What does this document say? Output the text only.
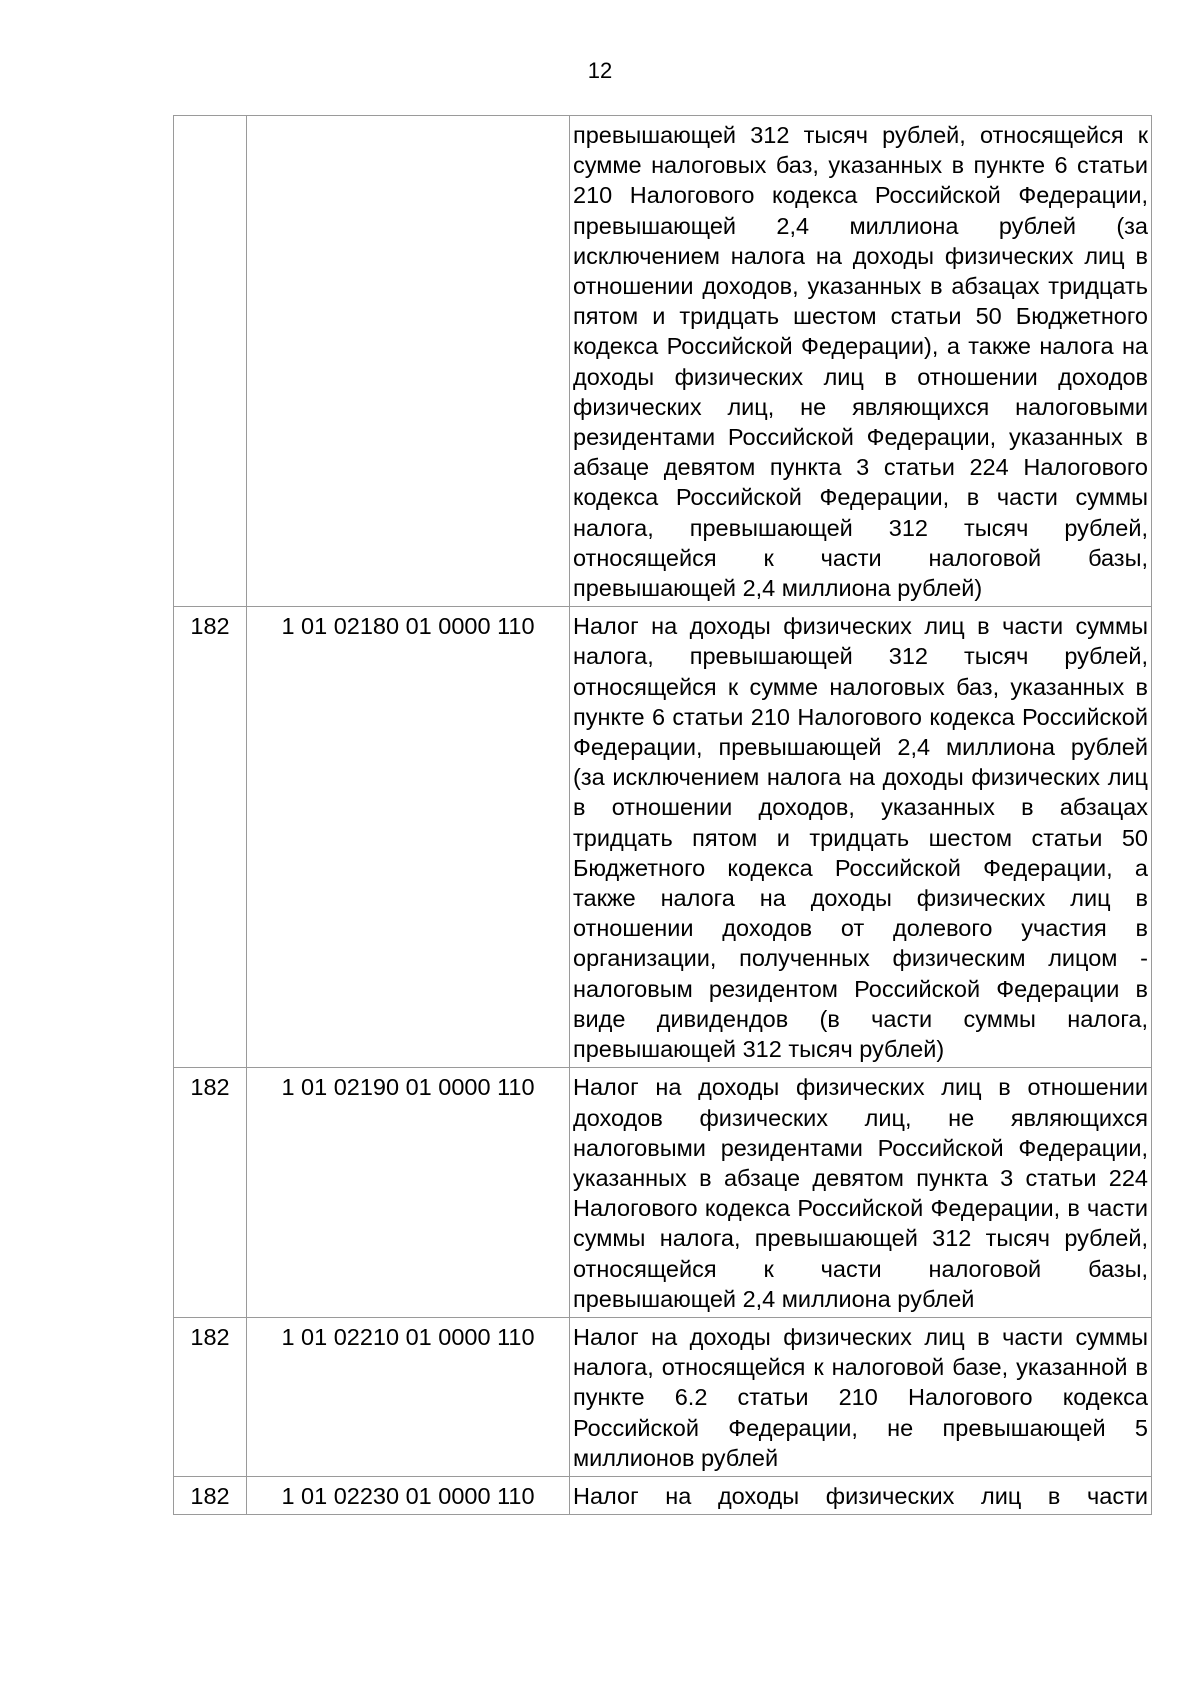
12

		превышающей 312 тысяч рублей, относящейся к сумме налоговых баз, указанных в пункте 6 статьи 210 Налогового кодекса Российской Федерации, превышающей 2,4 миллиона рублей (за исключением налога на доходы физических лиц в отношении доходов, указанных в абзацах тридцать пятом и тридцать шестом статьи 50 Бюджетного кодекса Российской Федерации), а также налога на доходы физических лиц в отношении доходов физических лиц, не являющихся налоговыми резидентами Российской Федерации, указанных в абзаце девятом пункта 3 статьи 224 Налогового кодекса Российской Федерации, в части суммы налога, превышающей 312 тысяч рублей, относящейся к части налоговой базы, превышающей 2,4 миллиона рублей)

182	1 01 02180 01 0000 110	Налог на доходы физических лиц в части суммы налога, превышающей 312 тысяч рублей, относящейся к сумме налоговых баз, указанных в пункте 6 статьи 210 Налогового кодекса Российской Федерации, превышающей 2,4 миллиона рублей (за исключением налога на доходы физических лиц в отношении доходов, указанных в абзацах тридцать пятом и тридцать шестом статьи 50 Бюджетного кодекса Российской Федерации, а также налога на доходы физических лиц в отношении доходов от долевого участия в организации, полученных физическим лицом - налоговым резидентом Российской Федерации в виде дивидендов (в части суммы налога, превышающей 312 тысяч рублей)

182	1 01 02190 01 0000 110	Налог на доходы физических лиц в отношении доходов физических лиц, не являющихся налоговыми резидентами Российской Федерации, указанных в абзаце девятом пункта 3 статьи 224 Налогового кодекса Российской Федерации, в части суммы налога, превышающей 312 тысяч рублей, относящейся к части налоговой базы, превышающей 2,4 миллиона рублей

182	1 01 02210 01 0000 110	Налог на доходы физических лиц в части суммы налога, относящейся к налоговой базе, указанной в пункте 6.2 статьи 210 Налогового кодекса Российской Федерации, не превышающей 5 миллионов рублей

182	1 01 02230 01 0000 110	Налог на доходы физических лиц в части
